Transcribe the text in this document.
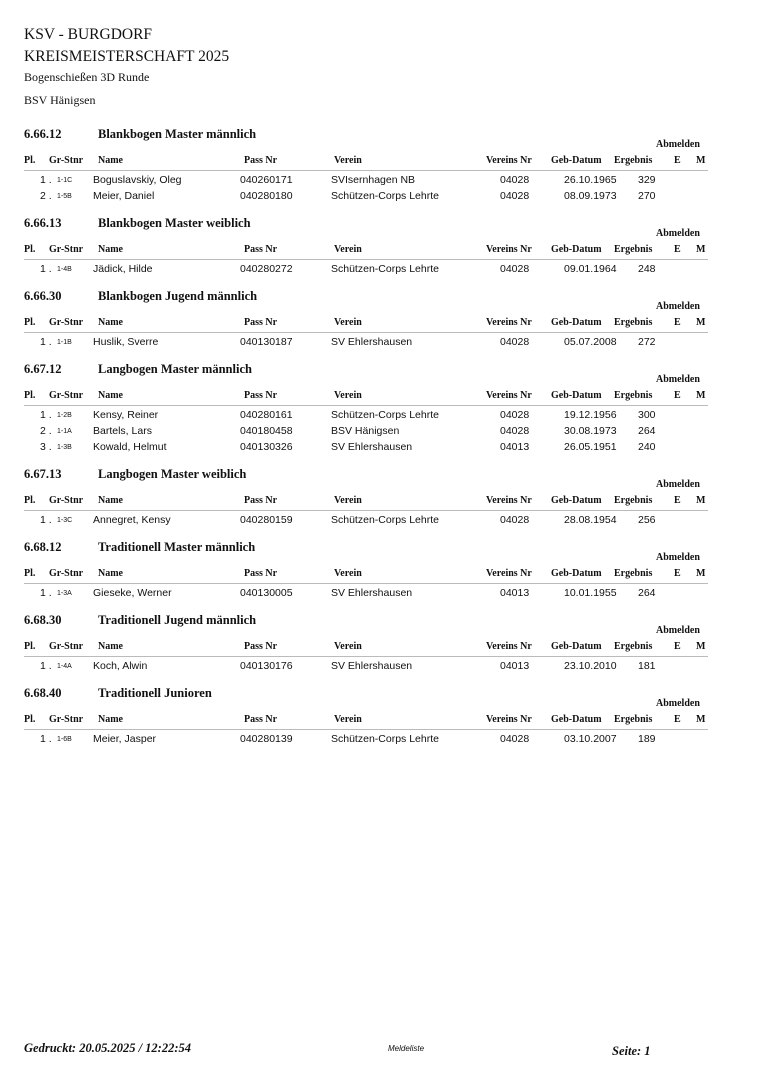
KSV - BURGDORF
KREISMEISTERSCHAFT 2025
Bogenschießen 3D Runde
BSV Hänigsen
6.66.12	Blankbogen Master männlich
Abmelden
Pl. Gr-Stnr Name	Pass Nr	Verein	Vereins Nr Geb-Datum Ergebnis E M
1 . 1-1C Boguslavskiy, Oleg	040260171	SVIsernhagen NB	04028	26.10.1965 329
2 . 1-5B Meier, Daniel	040280180	Schützen-Corps Lehrte	04028	08.09.1973 270
6.66.13	Blankbogen Master weiblich
Abmelden
Pl. Gr-Stnr Name	Pass Nr	Verein	Vereins Nr Geb-Datum Ergebnis E M
1 . 1-4B Jädick, Hilde	040280272	Schützen-Corps Lehrte	04028	09.01.1964 248
6.66.30	Blankbogen Jugend männlich
Abmelden
Pl. Gr-Stnr Name	Pass Nr	Verein	Vereins Nr Geb-Datum Ergebnis E M
1 . 1-1B Huslik, Sverre	040130187	SV Ehlershausen	04028	05.07.2008 272
6.67.12	Langbogen Master männlich
Abmelden
Pl. Gr-Stnr Name	Pass Nr	Verein	Vereins Nr Geb-Datum Ergebnis E M
1 . 1-2B Kensy, Reiner	040280161	Schützen-Corps Lehrte	04028	19.12.1956 300
2 . 1-1A Bartels, Lars	040180458	BSV Hänigsen	04028	30.08.1973 264
3 . 1-3B Kowald, Helmut	040130326	SV Ehlershausen	04013	26.05.1951 240
6.67.13	Langbogen Master weiblich
Abmelden
Pl. Gr-Stnr Name	Pass Nr	Verein	Vereins Nr Geb-Datum Ergebnis E M
1 . 1-3C Annegret, Kensy	040280159	Schützen-Corps Lehrte	04028	28.08.1954 256
6.68.12	Traditionell Master männlich
Abmelden
Pl. Gr-Stnr Name	Pass Nr	Verein	Vereins Nr Geb-Datum Ergebnis E M
1 . 1-3A Gieseke, Werner	040130005	SV Ehlershausen	04013	10.01.1955 264
6.68.30	Traditionell Jugend männlich
Abmelden
Pl. Gr-Stnr Name	Pass Nr	Verein	Vereins Nr Geb-Datum Ergebnis E M
1 . 1-4A Koch, Alwin	040130176	SV Ehlershausen	04013	23.10.2010 181
6.68.40	Traditionell Junioren
Abmelden
Pl. Gr-Stnr Name	Pass Nr	Verein	Vereins Nr Geb-Datum Ergebnis E M
1 . 1-6B Meier, Jasper	040280139	Schützen-Corps Lehrte	04028	03.10.2007 189
Gedruckt: 20.05.2025 / 12:22:54	Meldeliste	Seite: 1
